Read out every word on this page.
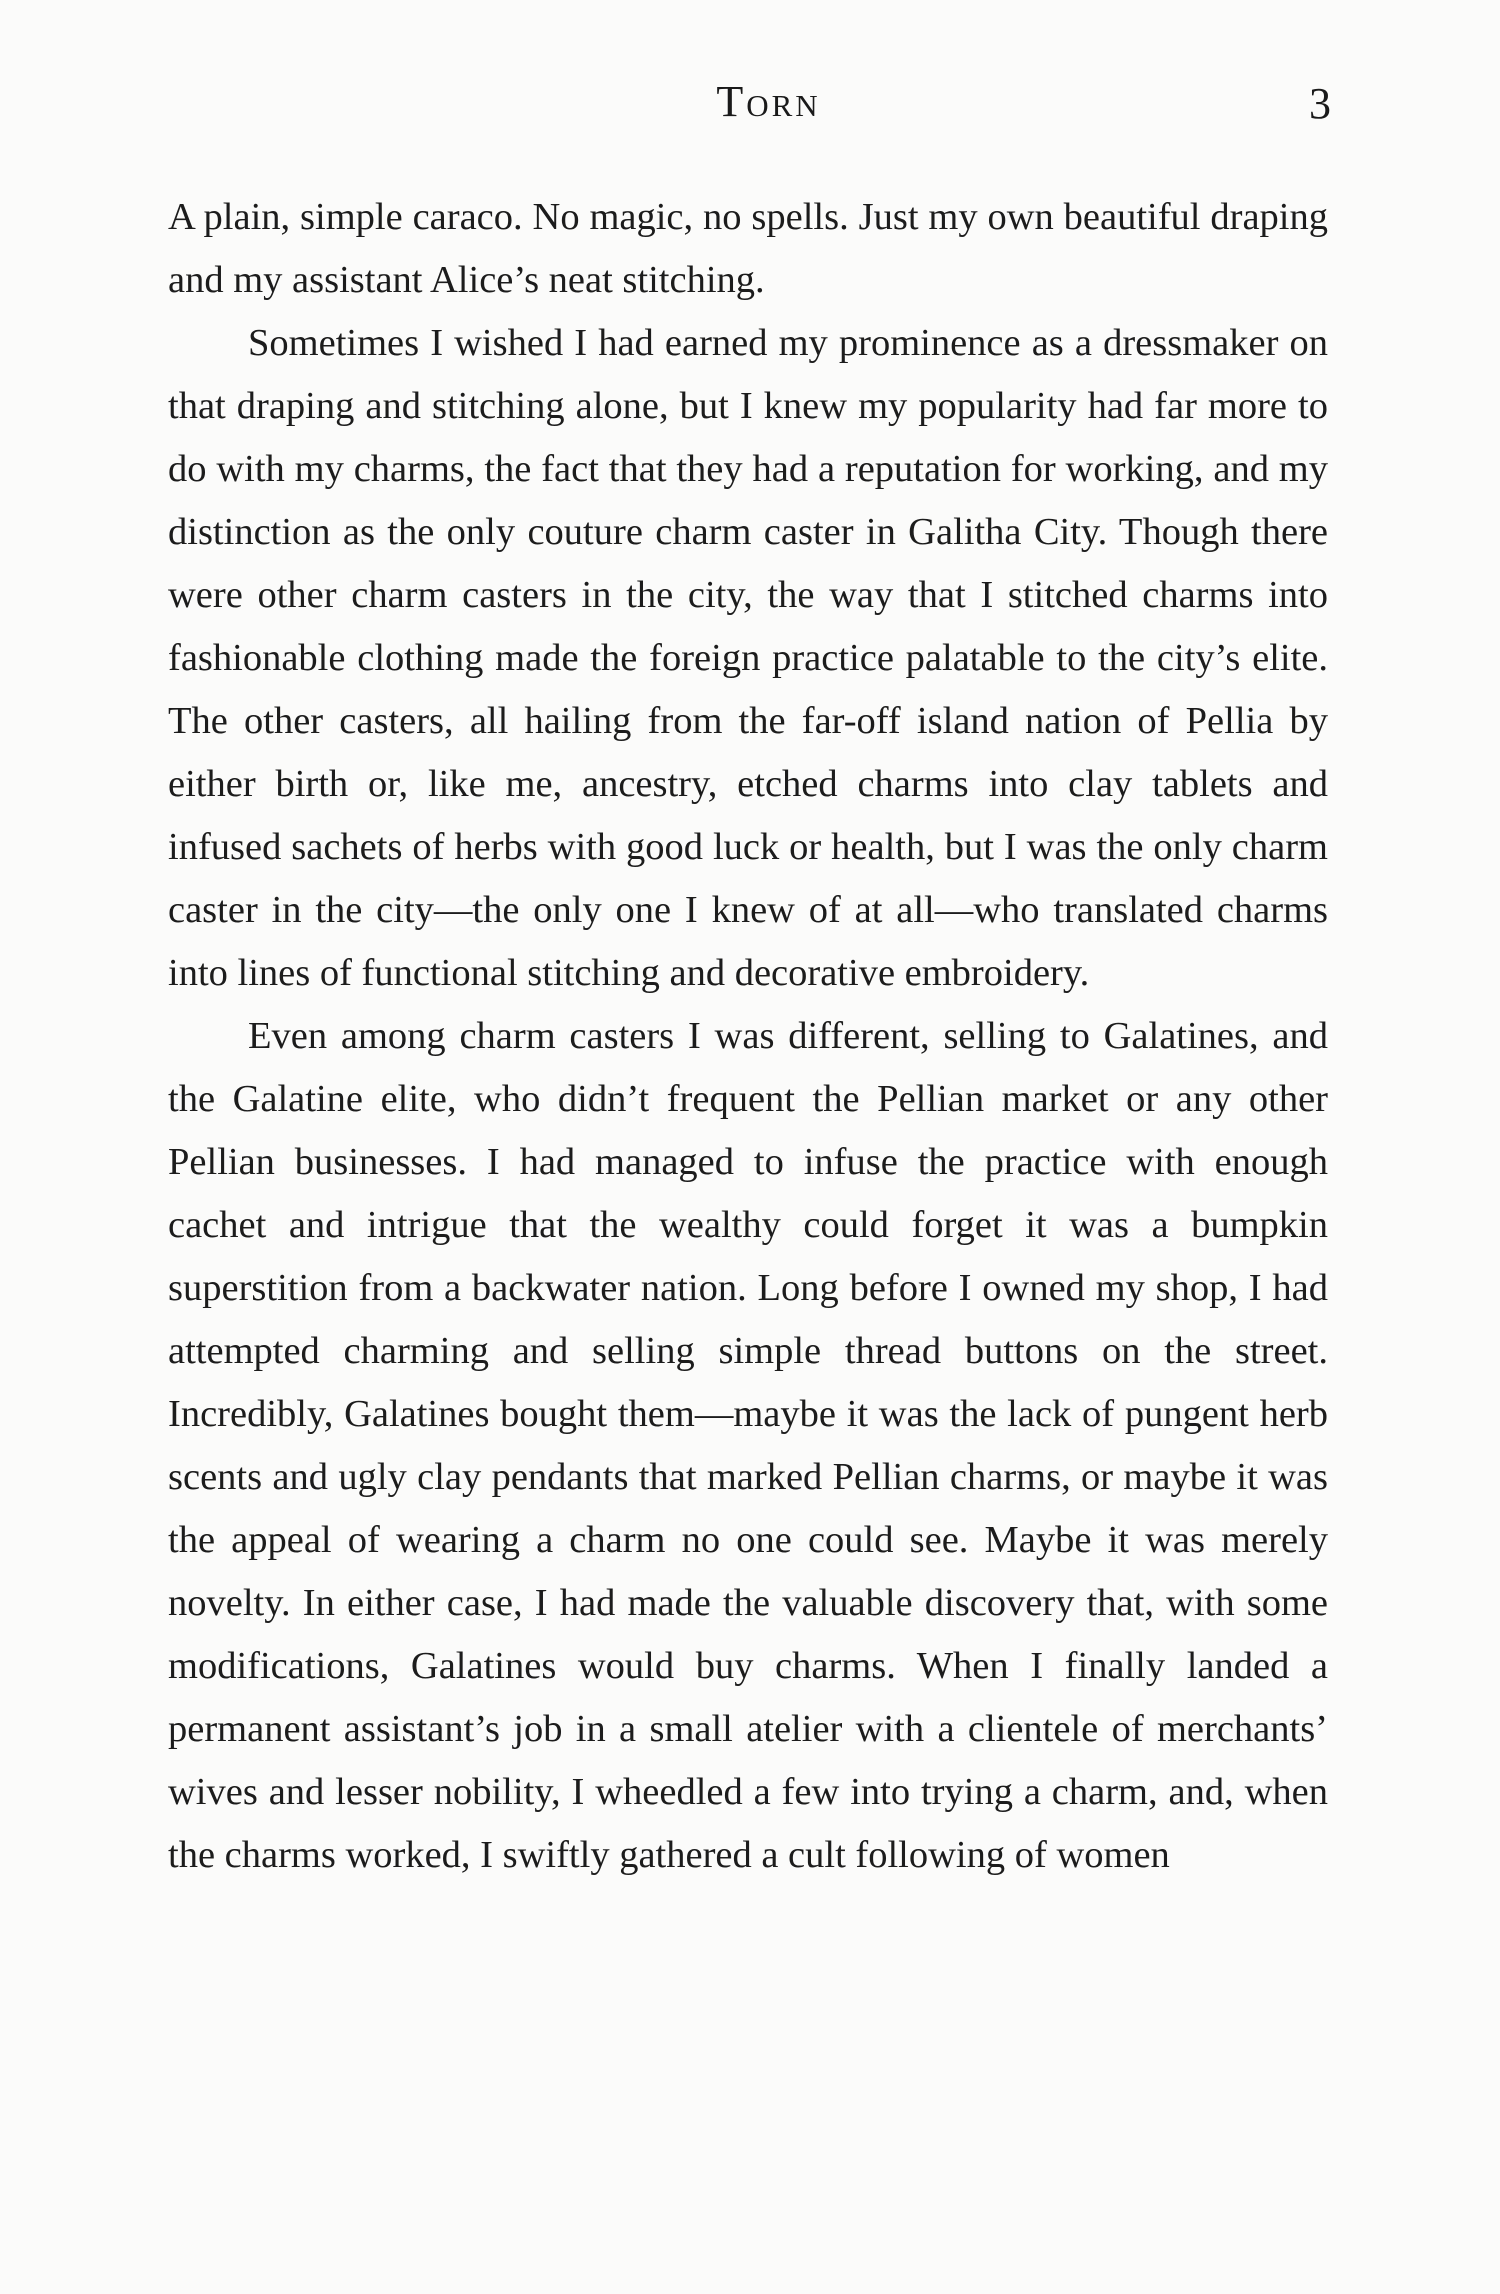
Torn	3

A plain, simple caraco. No magic, no spells. Just my own beautiful draping and my assistant Alice’s neat stitching.

Sometimes I wished I had earned my prominence as a dressmaker on that draping and stitching alone, but I knew my popularity had far more to do with my charms, the fact that they had a reputation for working, and my distinction as the only couture charm caster in Galitha City. Though there were other charm casters in the city, the way that I stitched charms into fashionable clothing made the foreign practice palatable to the city’s elite. The other casters, all hailing from the far-off island nation of Pellia by either birth or, like me, ancestry, etched charms into clay tablets and infused sachets of herbs with good luck or health, but I was the only charm caster in the city—the only one I knew of at all—who translated charms into lines of functional stitching and decorative embroidery.

Even among charm casters I was different, selling to Galatines, and the Galatine elite, who didn’t frequent the Pellian market or any other Pellian businesses. I had managed to infuse the practice with enough cachet and intrigue that the wealthy could forget it was a bumpkin superstition from a backwater nation. Long before I owned my shop, I had attempted charming and selling simple thread buttons on the street. Incredibly, Galatines bought them—maybe it was the lack of pungent herb scents and ugly clay pendants that marked Pellian charms, or maybe it was the appeal of wearing a charm no one could see. Maybe it was merely novelty. In either case, I had made the valuable discovery that, with some modifications, Galatines would buy charms. When I finally landed a permanent assistant’s job in a small atelier with a clientele of merchants’ wives and lesser nobility, I wheedled a few into trying a charm, and, when the charms worked, I swiftly gathered a cult following of women
